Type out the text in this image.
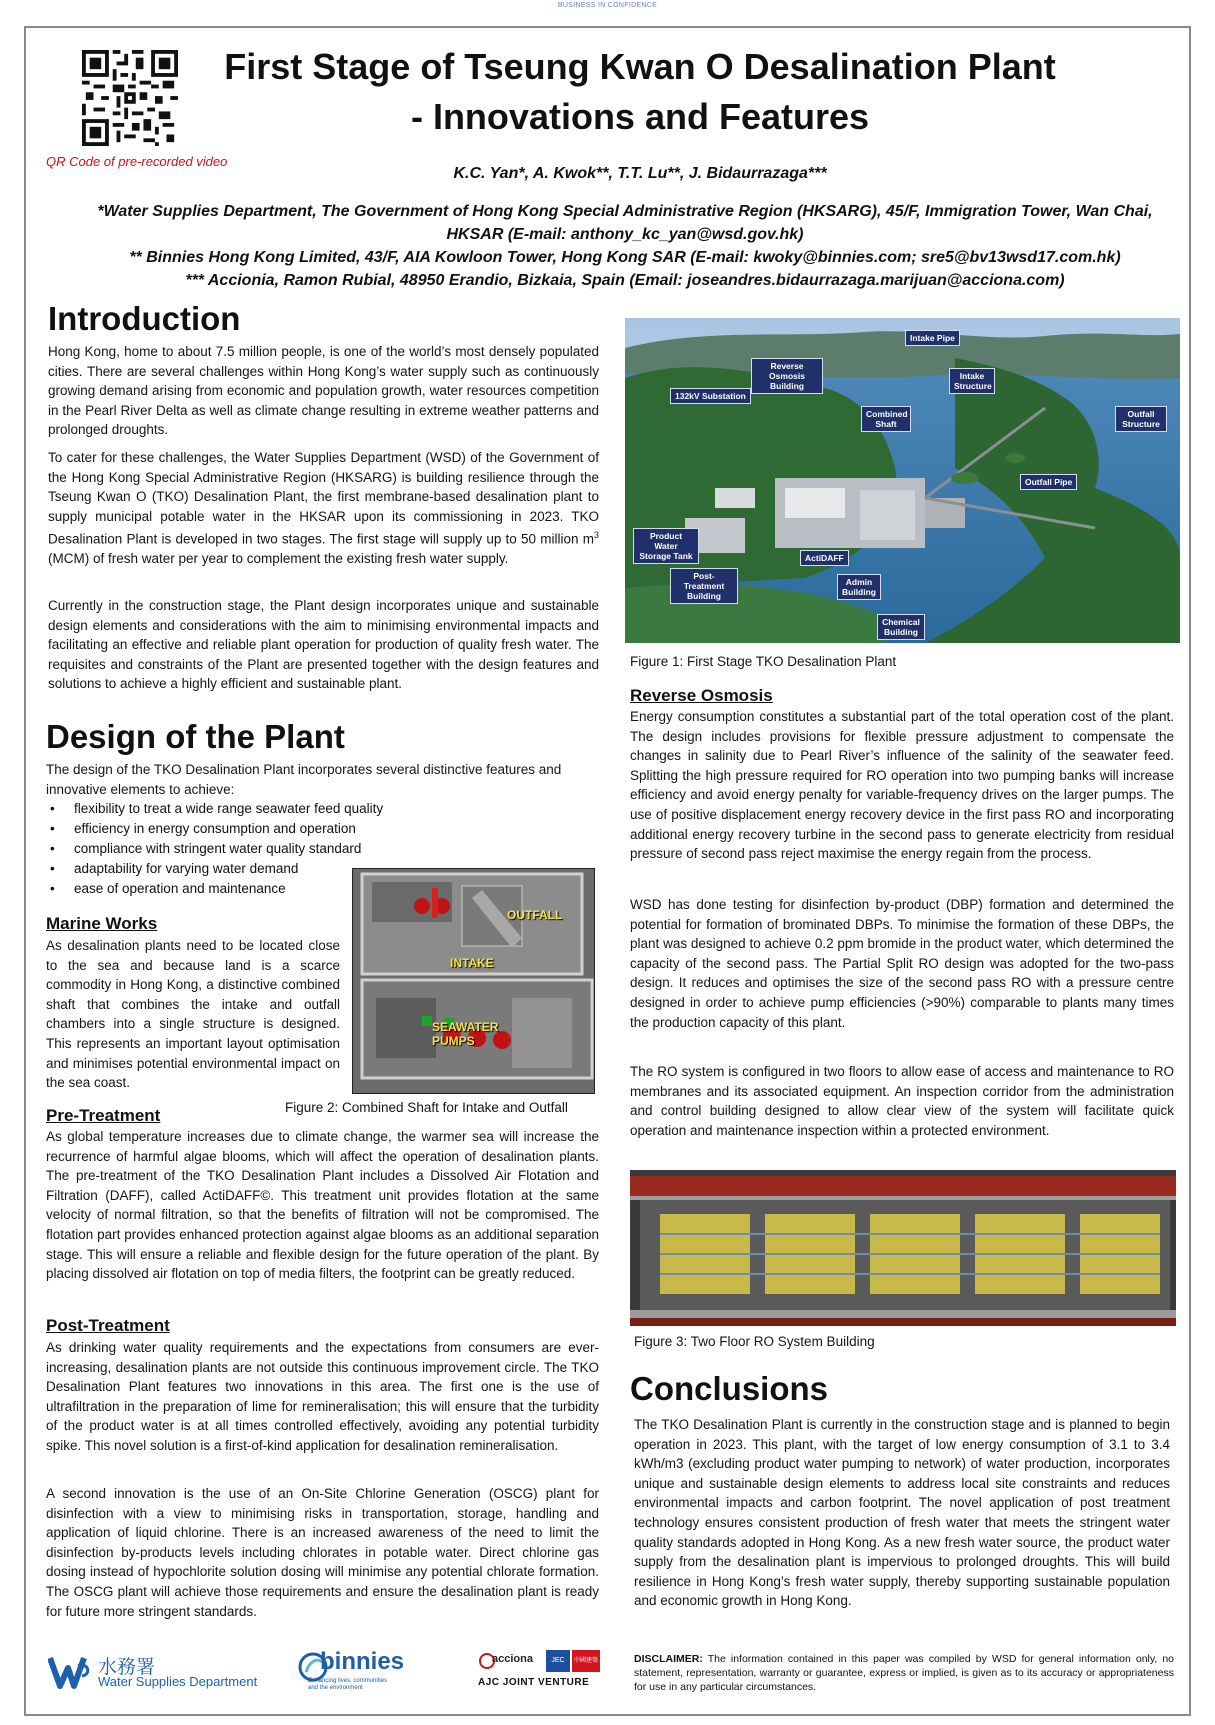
BUSINESS IN CONFIDENCE
QR Code of pre-recorded video
First Stage of Tseung Kwan O Desalination Plant
- Innovations and Features
K.C. Yan*, A. Kwok**, T.T. Lu**, J. Bidaurrazaga***
*Water Supplies Department, The Government of Hong Kong Special Administrative Region (HKSARG), 45/F, Immigration Tower, Wan Chai,
HKSAR (E-mail: anthony_kc_yan@wsd.gov.hk)
** Binnies Hong Kong Limited, 43/F, AIA Kowloon Tower, Hong Kong SAR (E-mail: kwoky@binnies.com; sre5@bv13wsd17.com.hk)
*** Accionia, Ramon Rubial, 48950 Erandio, Bizkaia, Spain (Email: joseandres.bidaurrazaga.marijuan@acciona.com)
Introduction

Hong Kong, home to about 7.5 million people, is one of the world’s most densely populated cities. There are several challenges within Hong Kong’s water supply such as continuously growing demand arising from economic and population growth, water resources competition in the Pearl River Delta as well as climate change resulting in extreme weather patterns and prolonged droughts.

To cater for these challenges, the Water Supplies Department (WSD) of the Government of the Hong Kong Special Administrative Region (HKSARG) is building resilience through the Tseung Kwan O (TKO) Desalination Plant, the first membrane-based desalination plant to supply municipal potable water in the HKSAR upon its commissioning in 2023. TKO Desalination Plant is developed in two stages. The first stage will supply up to 50 million $m^3$ (MCM) of fresh water per year to complement the existing fresh water supply.

Currently in the construction stage, the Plant design incorporates unique and sustainable design elements and considerations with the aim to minimising environmental impacts and facilitating an effective and reliable plant operation for production of quality fresh water. The requisites and constraints of the Plant are presented together with the design features and solutions to achieve a highly efficient and sustainable plant.

Design of the Plant

The design of the TKO Desalination Plant incorporates several distinctive features and innovative elements to achieve:

• flexibility to treat a wide range seawater feed quality
• efficiency in energy consumption and operation
• compliance with stringent water quality standard
• adaptability for varying water demand
• ease of operation and maintenance
Marine Works

As desalination plants need to be located close to the sea and because land is a scarce commodity in Hong Kong, a distinctive combined shaft that combines the intake and outfall chambers into a single structure is designed. This represents an important layout optimisation and minimises potential environmental impact on the sea coast.

OUTFALL
INTAKE
SEAWATER
PUMPS
Figure 2: Combined Shaft for Intake and Outfall
Pre-Treatment

As global temperature increases due to climate change, the warmer sea will increase the recurrence of harmful algae blooms, which will affect the operation of desalination plants. The pre-treatment of the TKO Desalination Plant includes a Dissolved Air Flotation and Filtration (DAFF), called ActiDAFF©. This treatment unit provides flotation at the same velocity of normal filtration, so that the benefits of filtration will not be compromised. The flotation part provides enhanced protection against algae blooms as an additional separation stage. This will ensure a reliable and flexible design for the future operation of the plant. By placing dissolved air flotation on top of media filters, the footprint can be greatly reduced.

Post-Treatment

As drinking water quality requirements and the expectations from consumers are ever-increasing, desalination plants are not outside this continuous improvement circle. The TKO Desalination Plant features two innovations in this area. The first one is the use of ultrafiltration in the preparation of lime for remineralisation; this will ensure that the turbidity of the product water is at all times controlled effectively, avoiding any potential turbidity spike. This novel solution is a first-of-kind application for desalination remineralisation.

A second innovation is the use of an On-Site Chlorine Generation (OSCG) plant for disinfection with a view to minimising risks in transportation, storage, handling and application of liquid chlorine. There is an increased awareness of the need to limit the disinfection by-products levels including chlorates in potable water. Direct chlorine gas dosing instead of hypochlorite solution dosing will minimise any potential chlorate formation. The OSCG plant will achieve those requirements and ensure the desalination plant is ready for future more stringent standards.

Intake Pipe
Reverse Osmosis Building
Intake Structure
132kV Substation
Combined Shaft
Outfall Structure
Outfall Pipe
Product Water Storage Tank	ActiDAFF
Post-Treatment Building
Admin Building
Chemical Building
Figure 1: First Stage TKO Desalination Plant
Reverse Osmosis

Energy consumption constitutes a substantial part of the total operation cost of the plant. The design includes provisions for flexible pressure adjustment to compensate the changes in salinity due to Pearl River’s influence of the salinity of the seawater feed. Splitting the high pressure required for RO operation into two pumping banks will increase efficiency and avoid energy penalty for variable-frequency drives on the larger pumps. The use of positive displacement energy recovery device in the first pass RO and incorporating additional energy recovery turbine in the second pass to generate electricity from residual pressure of second pass reject maximise the energy regain from the process.

WSD has done testing for disinfection by-product (DBP) formation and determined the potential for formation of brominated DBPs. To minimise the formation of these DBPs, the plant was designed to achieve 0.2 ppm bromide in the product water, which determined the capacity of the second pass. The Partial Split RO design was adopted for the two-pass design. It reduces and optimises the size of the second pass RO with a pressure centre designed in order to achieve pump efficiencies (>90%) comparable to plants many times the production capacity of this plant.

The RO system is configured in two floors to allow ease of access and maintenance to RO membranes and its associated equipment. An inspection corridor from the administration and control building designed to allow clear view of the system will facilitate quick operation and maintenance inspection within a protected environment.

Figure 3: Two Floor RO System Building
Conclusions

The TKO Desalination Plant is currently in the construction stage and is planned to begin operation in 2023. This plant, with the target of low energy consumption of 3.1 to 3.4 kWh/m3 (excluding product water pumping to network) of water production, incorporates unique and sustainable design elements to address local site constraints and reduces environmental impacts and carbon footprint. The novel application of post treatment technology ensures consistent production of fresh water that meets the stringent water quality standards adopted in Hong Kong. As a new fresh water source, the product water supply from the desalination plant is impervious to prolonged droughts. This will build resilience in Hong Kong’s fresh water supply, thereby supporting sustainable population and economic growth in Hong Kong.

水務署
Water Supplies Department
binnies
Enhancing lives, communities
and the environment
acciona	JEC	中國建築
AJC JOINT VENTURE
DISCLAIMER: The information contained in this paper was compiled by WSD for general information only, no statement, representation, warranty or guarantee, express or implied, is given as to its accuracy or appropriateness for use in any particular circumstances.
